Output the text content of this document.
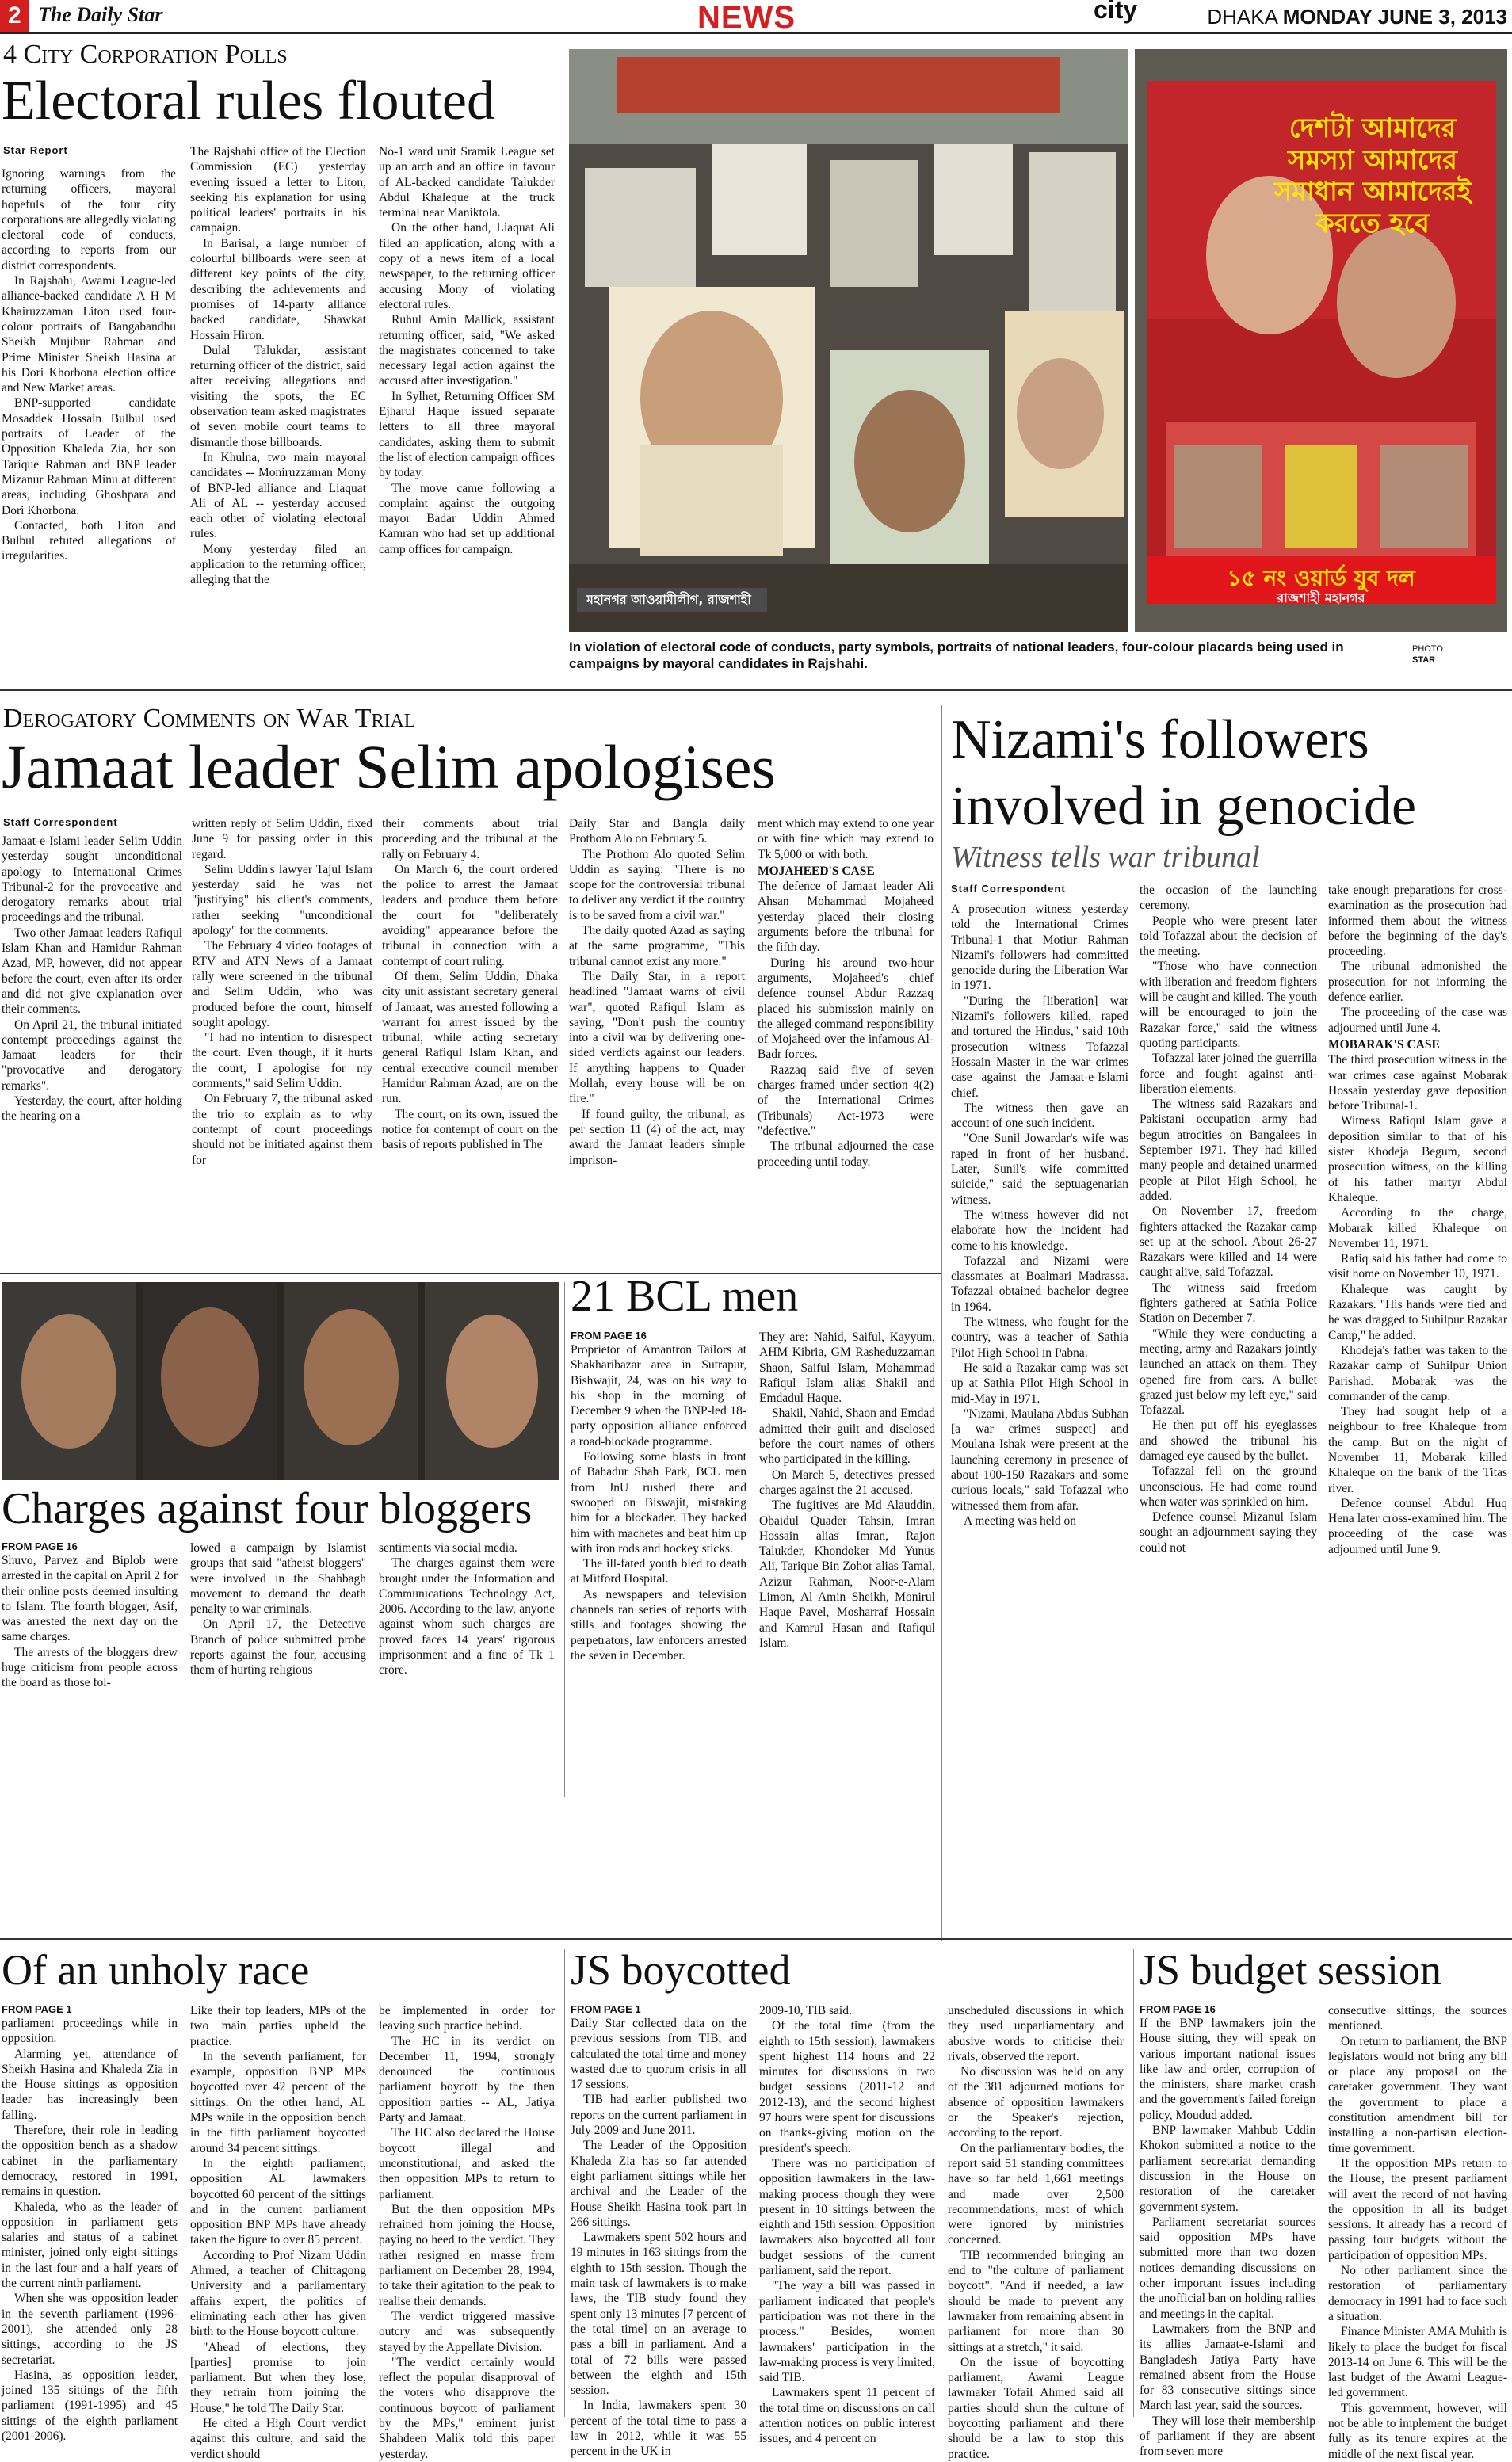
2 The Daily Star	NEWS	city	DHAKA MONDAY JUNE 3, 2013
4 City Corporation Polls
Electoral rules flouted
Star Report

Ignoring warnings from the returning officers, mayoral hopefuls of the four city corporations are allegedly violating electoral code of conducts, according to reports from our district correspondents.

In Rajshahi, Awami League-led alliance-backed candidate A H M Khairuzzaman Liton used four-colour portraits of Bangabandhu Sheikh Mujibur Rahman and Prime Minister Sheikh Hasina at his Dori Khorbona election office and New Market areas.

BNP-supported candidate Mosaddek Hossain Bulbul used portraits of Leader of the Opposition Khaleda Zia, her son Tarique Rahman and BNP leader Mizanur Rahman Minu at different areas, including Ghoshpara and Dori Khorbona.

Contacted, both Liton and Bulbul refuted allegations of irregularities.

The Rajshahi office of the Election Commission (EC) yesterday evening issued a letter to Liton, seeking his explanation for using political leaders' portraits in his campaign.

In Barisal, a large number of colourful billboards were seen at different key points of the city, describing the achievements and promises of 14-party alliance backed candidate, Shawkat Hossain Hiron.

Dulal Talukdar, assistant returning officer of the district, said after receiving allegations and visiting the spots, the EC observation team asked magistrates of seven mobile court teams to dismantle those billboards.

In Khulna, two main mayoral candidates -- Moniruzzaman Mony of BNP-led alliance and Liaquat Ali of AL -- yesterday accused each other of violating electoral rules.

Mony yesterday filed an application to the returning officer, alleging that the

No-1 ward unit Sramik League set up an arch and an office in favour of AL-backed candidate Talukder Abdul Khaleque at the truck terminal near Maniktola.

On the other hand, Liaquat Ali filed an application, along with a copy of a news item of a local newspaper, to the returning officer accusing Mony of violating electoral rules.

Ruhul Amin Mallick, assistant returning officer, said, "We asked the magistrates concerned to take necessary legal action against the accused after investigation."

In Sylhet, Returning Officer SM Ejharul Haque issued separate letters to all three mayoral candidates, asking them to submit the list of election campaign offices by today.

The move came following a complaint against the outgoing mayor Badar Uddin Ahmed Kamran who had set up additional camp offices for campaign.

মহানগর আওয়ামীলীগ, রাজশাহী
দেশটা আমাদের সমস্যা আমাদের সমাধান আমাদেরই করতে হবে
১৫ নং ওয়ার্ড যুব দল
রাজশাহী মহানগর
In violation of electoral code of conducts, party symbols, portraits of national leaders, four-colour placards being used in campaigns by mayoral candidates in Rajshahi.
PHOTO:
STAR
Derogatory Comments on War Trial
Jamaat leader Selim apologises
Staff Correspondent

Jamaat-e-Islami leader Selim Uddin yesterday sought unconditional apology to International Crimes Tribunal-2 for the provocative and derogatory remarks about trial proceedings and the tribunal.

Two other Jamaat leaders Rafiqul Islam Khan and Hamidur Rahman Azad, MP, however, did not appear before the court, even after its order and did not give explanation over their comments.

On April 21, the tribunal initiated contempt proceedings against the Jamaat leaders for their "provocative and derogatory remarks".

Yesterday, the court, after holding the hearing on a

written reply of Selim Uddin, fixed June 9 for passing order in this regard.

Selim Uddin's lawyer Tajul Islam yesterday said he was not "justifying" his client's comments, rather seeking "unconditional apology" for the comments.

The February 4 video footages of RTV and ATN News of a Jamaat rally were screened in the tribunal and Selim Uddin, who was produced before the court, himself sought apology.

"I had no intention to disrespect the court. Even though, if it hurts the court, I apologise for my comments," said Selim Uddin.

On February 7, the tribunal asked the trio to explain as to why contempt of court proceedings should not be initiated against them for

their comments about trial proceeding and the tribunal at the rally on February 4.

On March 6, the court ordered the police to arrest the Jamaat leaders and produce them before the court for "deliberately avoiding" appearance before the tribunal in connection with a contempt of court ruling.

Of them, Selim Uddin, Dhaka city unit assistant secretary general of Jamaat, was arrested following a warrant for arrest issued by the tribunal, while acting secretary general Rafiqul Islam Khan, and central executive council member Hamidur Rahman Azad, are on the run.

The court, on its own, issued the notice for contempt of court on the basis of reports published in The

Daily Star and Bangla daily Prothom Alo on February 5.

The Prothom Alo quoted Selim Uddin as saying: "There is no scope for the controversial tribunal to deliver any verdict if the country is to be saved from a civil war."

The daily quoted Azad as saying at the same programme, "This tribunal cannot exist any more."

The Daily Star, in a report headlined "Jamaat warns of civil war", quoted Rafiqul Islam as saying, "Don't push the country into a civil war by delivering one-sided verdicts against our leaders. If anything happens to Quader Mollah, every house will be on fire."

If found guilty, the tribunal, as per section 11 (4) of the act, may award the Jamaat leaders simple imprison-

ment which may extend to one year or with fine which may extend to Tk 5,000 or with both.

MOJAHEED'S CASE

The defence of Jamaat leader Ali Ahsan Mohammad Mojaheed yesterday placed their closing arguments before the tribunal for the fifth day.

During his around two-hour arguments, Mojaheed's chief defence counsel Abdur Razzaq placed his submission mainly on the alleged command responsibility of Mojaheed over the infamous Al-Badr forces.

Razzaq said five of seven charges framed under section 4(2) of the International Crimes (Tribunals) Act-1973 were "defective."

The tribunal adjourned the case proceeding until today.

Nizami's followers
involved in genocide
Witness tells war tribunal
Staff Correspondent

A prosecution witness yesterday told the International Crimes Tribunal-1 that Motiur Rahman Nizami's followers had committed genocide during the Liberation War in 1971.

"During the [liberation] war Nizami's followers killed, raped and tortured the Hindus," said 10th prosecution witness Tofazzal Hossain Master in the war crimes case against the Jamaat-e-Islami chief.

The witness then gave an account of one such incident.

"One Sunil Jowardar's wife was raped in front of her husband. Later, Sunil's wife committed suicide," said the septuagenarian witness.

The witness however did not elaborate how the incident had come to his knowledge.

Tofazzal and Nizami were classmates at Boalmari Madrassa. Tofazzal obtained bachelor degree in 1964.

The witness, who fought for the country, was a teacher of Sathia Pilot High School in Pabna.

He said a Razakar camp was set up at Sathia Pilot High School in mid-May in 1971.

"Nizami, Maulana Abdus Subhan [a war crimes suspect] and Moulana Ishak were present at the launching ceremony in presence of about 100-150 Razakars and some curious locals," said Tofazzal who witnessed them from afar.

A meeting was held on

the occasion of the launching ceremony.

People who were present later told Tofazzal about the decision of the meeting.

"Those who have connection with liberation and freedom fighters will be caught and killed. The youth will be encouraged to join the Razakar force," said the witness quoting participants.

Tofazzal later joined the guerrilla force and fought against anti-liberation elements.

The witness said Razakars and Pakistani occupation army had begun atrocities on Bangalees in September 1971. They had killed many people and detained unarmed people at Pilot High School, he added.

On November 17, freedom fighters attacked the Razakar camp set up at the school. About 26-27 Razakars were killed and 14 were caught alive, said Tofazzal.

The witness said freedom fighters gathered at Sathia Police Station on December 7.

"While they were conducting a meeting, army and Razakars jointly launched an attack on them. They opened fire from cars. A bullet grazed just below my left eye," said Tofazzal.

He then put off his eyeglasses and showed the tribunal his damaged eye caused by the bullet.

Tofazzal fell on the ground unconscious. He had come round when water was sprinkled on him.

Defence counsel Mizanul Islam sought an adjournment saying they could not

take enough preparations for cross-examination as the prosecution had informed them about the witness before the beginning of the day's proceeding.

The tribunal admonished the prosecution for not informing the defence earlier.

The proceeding of the case was adjourned until June 4.

MOBARAK'S CASE

The third prosecution witness in the war crimes case against Mobarak Hossain yesterday gave deposition before Tribunal-1.

Witness Rafiqul Islam gave a deposition similar to that of his sister Khodeja Begum, second prosecution witness, on the killing of his father martyr Abdul Khaleque.

According to the charge, Mobarak killed Khaleque on November 11, 1971.

Rafiq said his father had come to visit home on November 10, 1971.

Khaleque was caught by Razakars. "His hands were tied and he was dragged to Suhilpur Razakar Camp," he added.

Khodeja's father was taken to the Razakar camp of Suhilpur Union Parishad. Mobarak was the commander of the camp.

They had sought help of a neighbour to free Khaleque from the camp. But on the night of November 11, Mobarak killed Khaleque on the bank of the Titas river.

Defence counsel Abdul Huq Hena later cross-examined him. The proceeding of the case was adjourned until June 9.

Charges against four bloggers
FROM PAGE 16

Shuvo, Parvez and Biplob were arrested in the capital on April 2 for their online posts deemed insulting to Islam. The fourth blogger, Asif, was arrested the next day on the same charges.

The arrests of the bloggers drew huge criticism from people across the board as those fol-

lowed a campaign by Islamist groups that said "atheist bloggers" were involved in the Shahbagh movement to demand the death penalty to war criminals.

On April 17, the Detective Branch of police submitted probe reports against the four, accusing them of hurting religious

sentiments via social media.

The charges against them were brought under the Information and Communications Technology Act, 2006. According to the law, anyone against whom such charges are proved faces 14 years' rigorous imprisonment and a fine of Tk 1 crore.

21 BCL men
FROM PAGE 16

Proprietor of Amantron Tailors at Shakharibazar area in Sutrapur, Bishwajit, 24, was on his way to his shop in the morning of December 9 when the BNP-led 18-party opposition alliance enforced a road-blockade programme.

Following some blasts in front of Bahadur Shah Park, BCL men from JnU rushed there and swooped on Biswajit, mistaking him for a blockader. They hacked him with machetes and beat him up with iron rods and hockey sticks.

The ill-fated youth bled to death at Mitford Hospital.

As newspapers and television channels ran series of reports with stills and footages showing the perpetrators, law enforcers arrested the seven in December.

They are: Nahid, Saiful, Kayyum, AHM Kibria, GM Rasheduzzaman Shaon, Saiful Islam, Mohammad Rafiqul Islam alias Shakil and Emdadul Haque.

Shakil, Nahid, Shaon and Emdad admitted their guilt and disclosed before the court names of others who participated in the killing.

On March 5, detectives pressed charges against the 21 accused.

The fugitives are Md Alauddin, Obaidul Quader Tahsin, Imran Hossain alias Imran, Rajon Talukder, Khondoker Md Yunus Ali, Tarique Bin Zohor alias Tamal, Azizur Rahman, Noor-e-Alam Limon, Al Amin Sheikh, Monirul Haque Pavel, Mosharraf Hossain and Kamrul Hasan and Rafiqul Islam.

Of an unholy race
FROM PAGE 1

parliament proceedings while in opposition.

Alarming yet, attendance of Sheikh Hasina and Khaleda Zia in the House sittings as opposition leader has increasingly been falling.

Therefore, their role in leading the opposition bench as a shadow cabinet in the parliamentary democracy, restored in 1991, remains in question.

Khaleda, who as the leader of opposition in parliament gets salaries and status of a cabinet minister, joined only eight sittings in the last four and a half years of the current ninth parliament.

When she was opposition leader in the seventh parliament (1996-2001), she attended only 28 sittings, according to the JS secretariat.

Hasina, as opposition leader, joined 135 sittings of the fifth parliament (1991-1995) and 45 sittings of the eighth parliament (2001-2006).

Like their top leaders, MPs of the two main parties upheld the practice.

In the seventh parliament, for example, opposition BNP MPs boycotted over 42 percent of the sittings. On the other hand, AL MPs while in the opposition bench in the fifth parliament boycotted around 34 percent sittings.

In the eighth parliament, opposition AL lawmakers boycotted 60 percent of the sittings and in the current parliament opposition BNP MPs have already taken the figure to over 85 percent.

According to Prof Nizam Uddin Ahmed, a teacher of Chittagong University and a parliamentary affairs expert, the politics of eliminating each other has given birth to the House boycott culture.

"Ahead of elections, they [parties] promise to join parliament. But when they lose, they refrain from joining the House," he told The Daily Star.

He cited a High Court verdict against this culture, and said the verdict should

be implemented in order for leaving such practice behind.

The HC in its verdict on December 11, 1994, strongly denounced the continuous parliament boycott by the then opposition parties -- AL, Jatiya Party and Jamaat.

The HC also declared the House boycott illegal and unconstitutional, and asked the then opposition MPs to return to parliament.

But the then opposition MPs refrained from joining the House, paying no heed to the verdict. They rather resigned en masse from parliament on December 28, 1994, to take their agitation to the peak to realise their demands.

The verdict triggered massive outcry and was subsequently stayed by the Appellate Division.

"The verdict certainly would reflect the popular disapproval of the voters who disapprove the continuous boycott of parliament by the MPs," eminent jurist Shahdeen Malik told this paper yesterday.

JS boycotted
FROM PAGE 1

Daily Star collected data on the previous sessions from TIB, and calculated the total time and money wasted due to quorum crisis in all 17 sessions.

TIB had earlier published two reports on the current parliament in July 2009 and June 2011.

The Leader of the Opposition Khaleda Zia has so far attended eight parliament sittings while her archival and the Leader of the House Sheikh Hasina took part in 266 sittings.

Lawmakers spent 502 hours and 19 minutes in 163 sittings from the eighth to 15th session. Though the main task of lawmakers is to make laws, the TIB study found they spent only 13 minutes [7 percent of the total time] on an average to pass a bill in parliament. And a total of 72 bills were passed between the eighth and 15th session.

In India, lawmakers spent 30 percent of the total time to pass a law in 2012, while it was 55 percent in the UK in

2009-10, TIB said.

Of the total time (from the eighth to 15th session), lawmakers spent highest 114 hours and 22 minutes for discussions in two budget sessions (2011-12 and 2012-13), and the second highest 97 hours were spent for discussions on thanks-giving motion on the president's speech.

There was no participation of opposition lawmakers in the law-making process though they were present in 10 sittings between the eighth and 15th session. Opposition lawmakers also boycotted all four budget sessions of the current parliament, said the report.

"The way a bill was passed in parliament indicated that people's participation was not there in the process." Besides, women lawmakers' participation in the law-making process is very limited, said TIB.

Lawmakers spent 11 percent of the total time on discussions on call attention notices on public interest issues, and 4 percent on

unscheduled discussions in which they used unparliamentary and abusive words to criticise their rivals, observed the report.

No discussion was held on any of the 381 adjourned motions for absence of opposition lawmakers or the Speaker's rejection, according to the report.

On the parliamentary bodies, the report said 51 standing committees have so far held 1,661 meetings and made over 2,500 recommendations, most of which were ignored by ministries concerned.

TIB recommended bringing an end to "the culture of parliament boycott". "And if needed, a law should be made to prevent any lawmaker from remaining absent in parliament for more than 30 sittings at a stretch," it said.

On the issue of boycotting parliament, Awami League lawmaker Tofail Ahmed said all parties should shun the culture of boycotting parliament and there should be a law to stop this practice.

JS budget session
FROM PAGE 16

If the BNP lawmakers join the House sitting, they will speak on various important national issues like law and order, corruption of the ministers, share market crash and the government's failed foreign policy, Moudud added.

BNP lawmaker Mahbub Uddin Khokon submitted a notice to the parliament secretariat demanding discussion in the House on restoration of the caretaker government system.

Parliament secretariat sources said opposition MPs have submitted more than two dozen notices demanding discussions on other important issues including the unofficial ban on holding rallies and meetings in the capital.

Lawmakers from the BNP and its allies Jamaat-e-Islami and Bangladesh Jatiya Party have remained absent from the House for 83 consecutive sittings since March last year, said the sources.

They will lose their membership of parliament if they are absent from seven more

consecutive sittings, the sources mentioned.

On return to parliament, the BNP legislators would not bring any bill or place any proposal on the caretaker government. They want the government to place a constitution amendment bill for installing a non-partisan election-time government.

If the opposition MPs return to the House, the present parliament will avert the record of not having the opposition in all its budget sessions. It already has a record of passing four budgets without the participation of opposition MPs.

No other parliament since the restoration of parliamentary democracy in 1991 had to face such a situation.

Finance Minister AMA Muhith is likely to place the budget for fiscal 2013-14 on June 6. This will be the last budget of the Awami League-led government.

This government, however, will not be able to implement the budget fully as its tenure expires at the middle of the next fiscal year.
